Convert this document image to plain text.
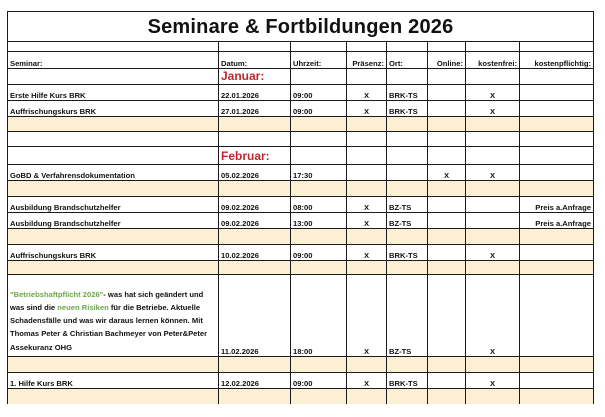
Seminare & Fortbildungen 2026							

Seminar:	Datum:	Uhrzeit:	Präsenz:	Ort:	Online:	kostenfrei:	kostenpflichtig:
	Januar:						
Erste Hilfe Kurs BRK	22.01.2026	09:00	X	BRK-TS		X	
Auffrischungskurs BRK	27.01.2026	09:00	X	BRK-TS		X	

	Februar:						
GoBD & Verfahrensdokumentation	05.02.2026	17:30			X	X	

Ausbildung Brandschutzhelfer	09.02.2026	08:00	X	BZ-TS			Preis a.Anfrage
Ausbildung Brandschutzhelfer	09.02.2026	13:00	X	BZ-TS			Preis a.Anfrage

Auffrischungskurs BRK	10.02.2026	09:00	X	BRK-TS		X	

"Betriebshaftpflicht 2026"- was hat sich geändert und was sind die neuen Risiken für die Betriebe. Aktuelle Schadensfälle und was wir daraus lernen können. Mit Thomas Peter & Christian Bachmeyer von Peter&Peter Assekuranz OHG	11.02.2026	18:00	X	BZ-TS		X	

1. Hilfe Kurs BRK	12.02.2026	09:00	X	BRK-TS		X	
